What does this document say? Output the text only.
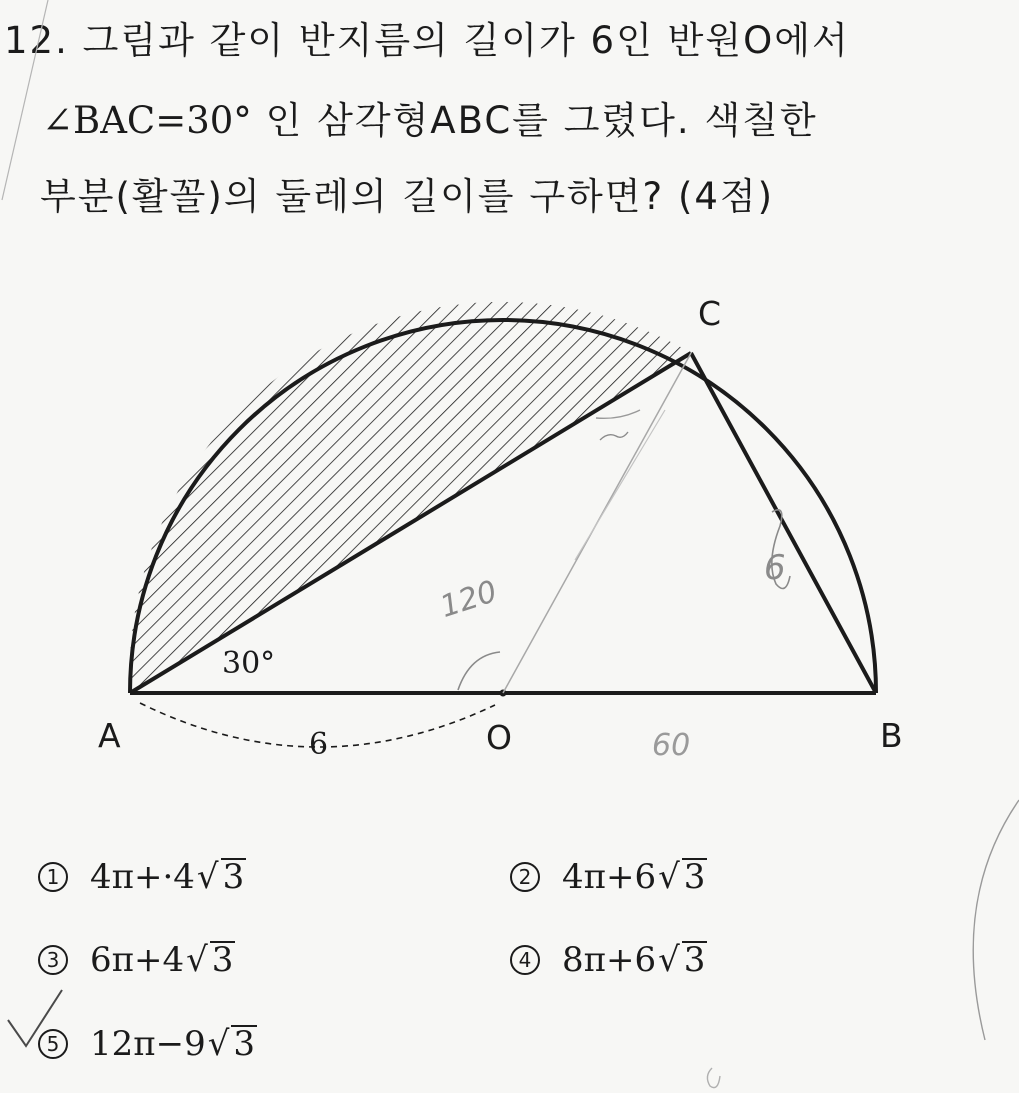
12. 그림과 같이 반지름의 길이가 6인 반원O에서
∠BAC=30° 인 삼각형ABC를 그렸다. 색칠한
부분(활꼴)의 둘레의 길이를 구하면? (4점)
A	B
C
O
30°
6
120
6
60
1 4π+·4√ 3	2 4π+6√ 3
3 6π+4√ 3	4 8π+6√ 3
5 12π−9√ 3
